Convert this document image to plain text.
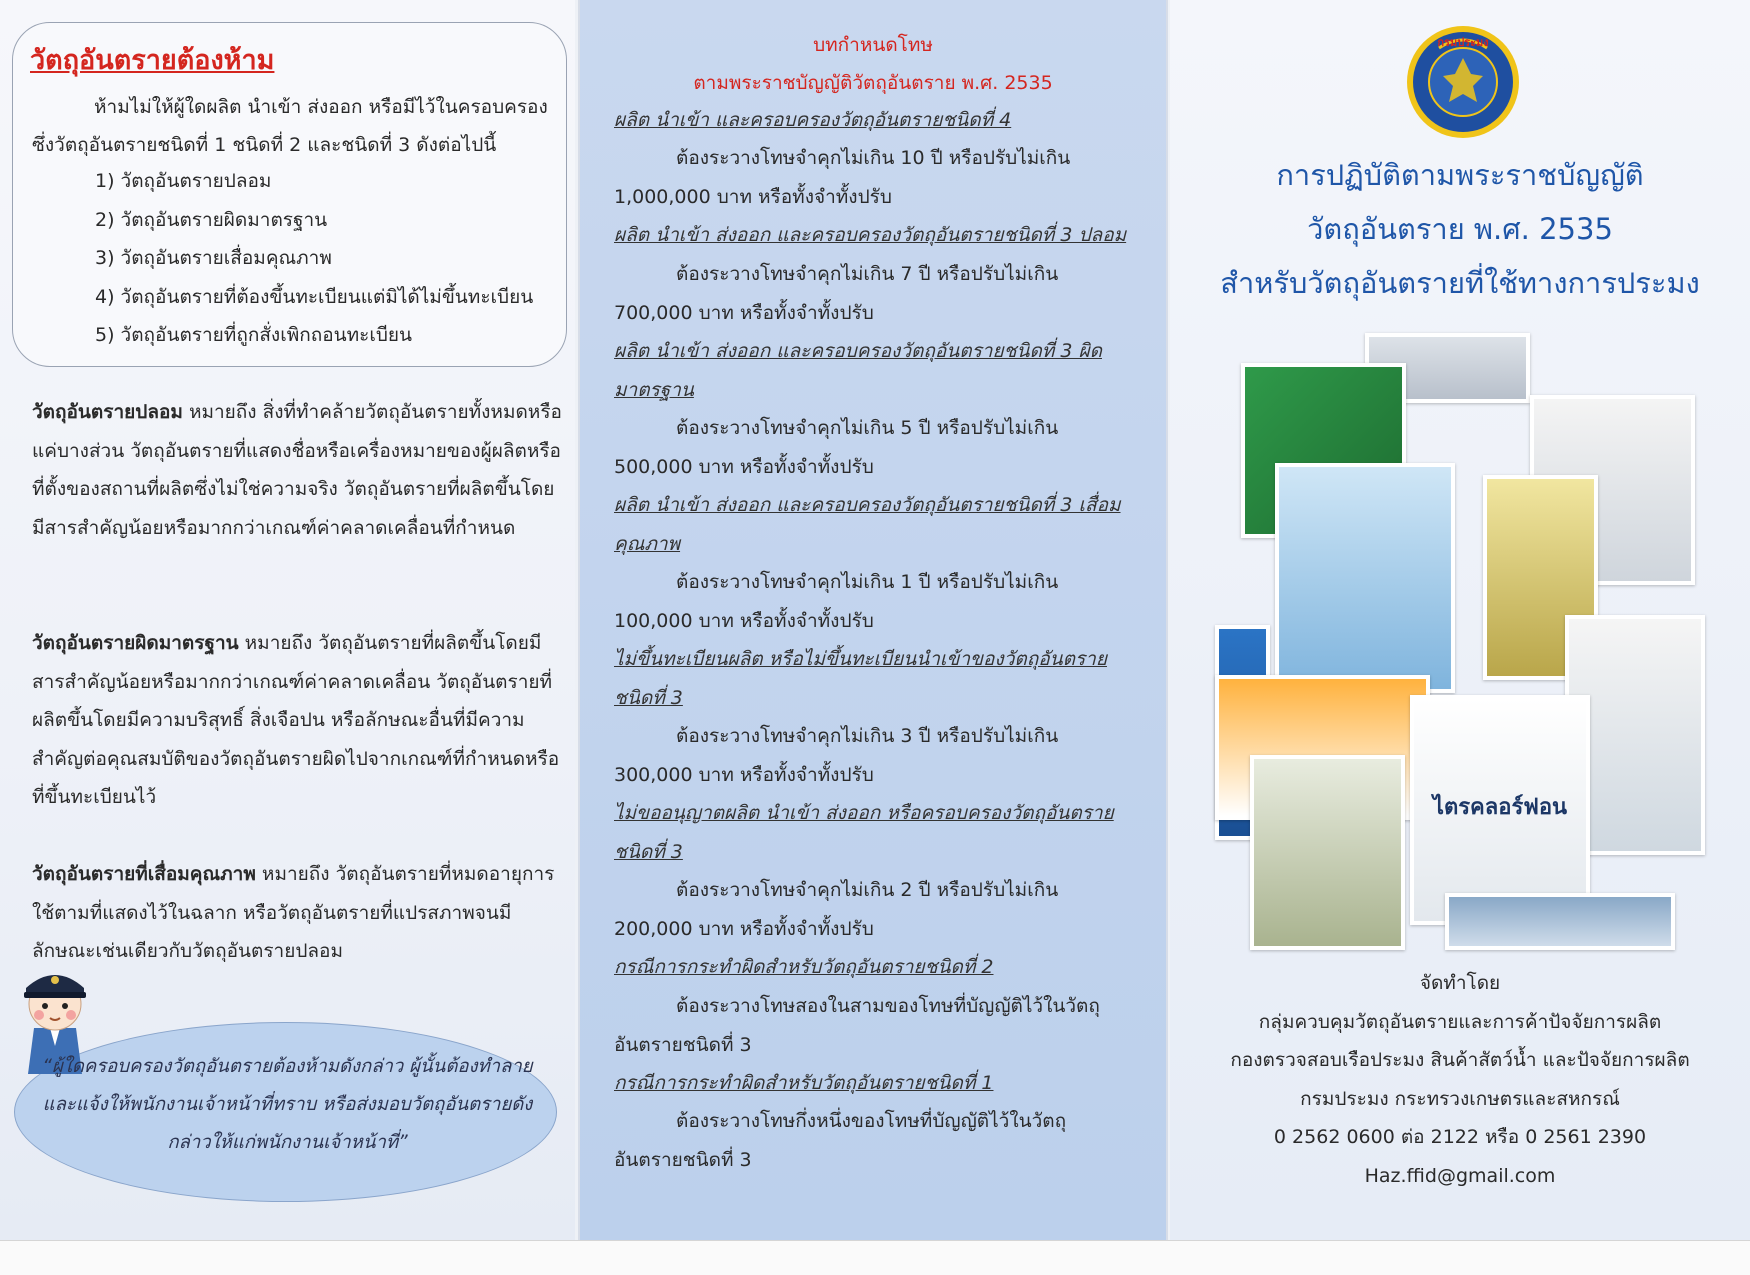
วัตถุอันตรายต้องห้าม
ห้ามไม่ให้ผู้ใดผลิต นำเข้า ส่งออก หรือมีไว้ในครอบครองซึ่งวัตถุอันตรายชนิดที่ 1 ชนิดที่ 2 และชนิดที่ 3 ดังต่อไปนี้
1) วัตถุอันตรายปลอม
2) วัตถุอันตรายผิดมาตรฐาน
3) วัตถุอันตรายเสื่อมคุณภาพ
4) วัตถุอันตรายที่ต้องขึ้นทะเบียนแต่มิได้ไม่ขึ้นทะเบียน
5) วัตถุอันตรายที่ถูกสั่งเพิกถอนทะเบียน
วัตถุอันตรายปลอม หมายถึง สิ่งที่ทำคล้ายวัตถุอันตรายทั้งหมดหรือแค่บางส่วน วัตถุอันตรายที่แสดงชื่อหรือเครื่องหมายของผู้ผลิตหรือที่ตั้งของสถานที่ผลิตซึ่งไม่ใช่ความจริง วัตถุอันตรายที่ผลิตขึ้นโดยมีสารสำคัญน้อยหรือมากกว่าเกณฑ์ค่าคลาดเคลื่อนที่กำหนด
วัตถุอันตรายผิดมาตรฐาน หมายถึง วัตถุอันตรายที่ผลิตขึ้นโดยมีสารสำคัญน้อยหรือมากกว่าเกณฑ์ค่าคลาดเคลื่อน วัตถุอันตรายที่ผลิตขึ้นโดยมีความบริสุทธิ์ สิ่งเจือปน หรือลักษณะอื่นที่มีความสำคัญต่อคุณสมบัติของวัตถุอันตรายผิดไปจากเกณฑ์ที่กำหนดหรือที่ขึ้นทะเบียนไว้
วัตถุอันตรายที่เสื่อมคุณภาพ หมายถึง วัตถุอันตรายที่หมดอายุการใช้ตามที่แสดงไว้ในฉลาก หรือวัตถุอันตรายที่แปรสภาพจนมีลักษณะเช่นเดียวกับวัตถุอันตรายปลอม
“ผู้ใดครอบครองวัตถุอันตรายต้องห้ามดังกล่าว ผู้นั้นต้องทำลาย และแจ้งให้พนักงานเจ้าหน้าที่ทราบ หรือส่งมอบวัตถุอันตรายดังกล่าวให้แก่พนักงานเจ้าหน้าที่”
บทกำหนดโทษ
ตามพระราชบัญญัติวัตถุอันตราย พ.ศ. 2535
ผลิต นำเข้า และครอบครองวัตถุอันตรายชนิดที่ 4
ต้องระวางโทษจำคุกไม่เกิน 10 ปี หรือปรับไม่เกิน 1,000,000 บาท หรือทั้งจำทั้งปรับ
ผลิต นำเข้า ส่งออก และครอบครองวัตถุอันตรายชนิดที่ 3 ปลอม
ต้องระวางโทษจำคุกไม่เกิน 7 ปี หรือปรับไม่เกิน 700,000 บาท หรือทั้งจำทั้งปรับ
ผลิต นำเข้า ส่งออก และครอบครองวัตถุอันตรายชนิดที่ 3 ผิดมาตรฐาน
ต้องระวางโทษจำคุกไม่เกิน 5 ปี หรือปรับไม่เกิน 500,000 บาท หรือทั้งจำทั้งปรับ
ผลิต นำเข้า ส่งออก และครอบครองวัตถุอันตรายชนิดที่ 3 เสื่อมคุณภาพ
ต้องระวางโทษจำคุกไม่เกิน 1 ปี หรือปรับไม่เกิน 100,000 บาท หรือทั้งจำทั้งปรับ
ไม่ขึ้นทะเบียนผลิต หรือไม่ขึ้นทะเบียนนำเข้าของวัตถุอันตรายชนิดที่ 3
ต้องระวางโทษจำคุกไม่เกิน 3 ปี หรือปรับไม่เกิน 300,000 บาท หรือทั้งจำทั้งปรับ
ไม่ขออนุญาตผลิต นำเข้า ส่งออก หรือครอบครองวัตถุอันตรายชนิดที่ 3
ต้องระวางโทษจำคุกไม่เกิน 2 ปี หรือปรับไม่เกิน 200,000 บาท หรือทั้งจำทั้งปรับ
กรณีการกระทำผิดสำหรับวัตถุอันตรายชนิดที่ 2
ต้องระวางโทษสองในสามของโทษที่บัญญัติไว้ในวัตถุอันตรายชนิดที่ 3
กรณีการกระทำผิดสำหรับวัตถุอันตรายชนิดที่ 1
ต้องระวางโทษกึ่งหนึ่งของโทษที่บัญญัติไว้ในวัตถุอันตรายชนิดที่ 3
กรมประมง
การปฏิบัติตามพระราชบัญญัติ
วัตถุอันตราย พ.ศ. 2535
สำหรับวัตถุอันตรายที่ใช้ทางการประมง
ไตรคลอร์ฟอน
จัดทำโดย
กลุ่มควบคุมวัตถุอันตรายและการค้าปัจจัยการผลิต
กองตรวจสอบเรือประมง สินค้าสัตว์น้ำ และปัจจัยการผลิต
กรมประมง กระทรวงเกษตรและสหกรณ์
0 2562 0600 ต่อ 2122 หรือ 0 2561 2390
Haz.ffid@gmail.com
